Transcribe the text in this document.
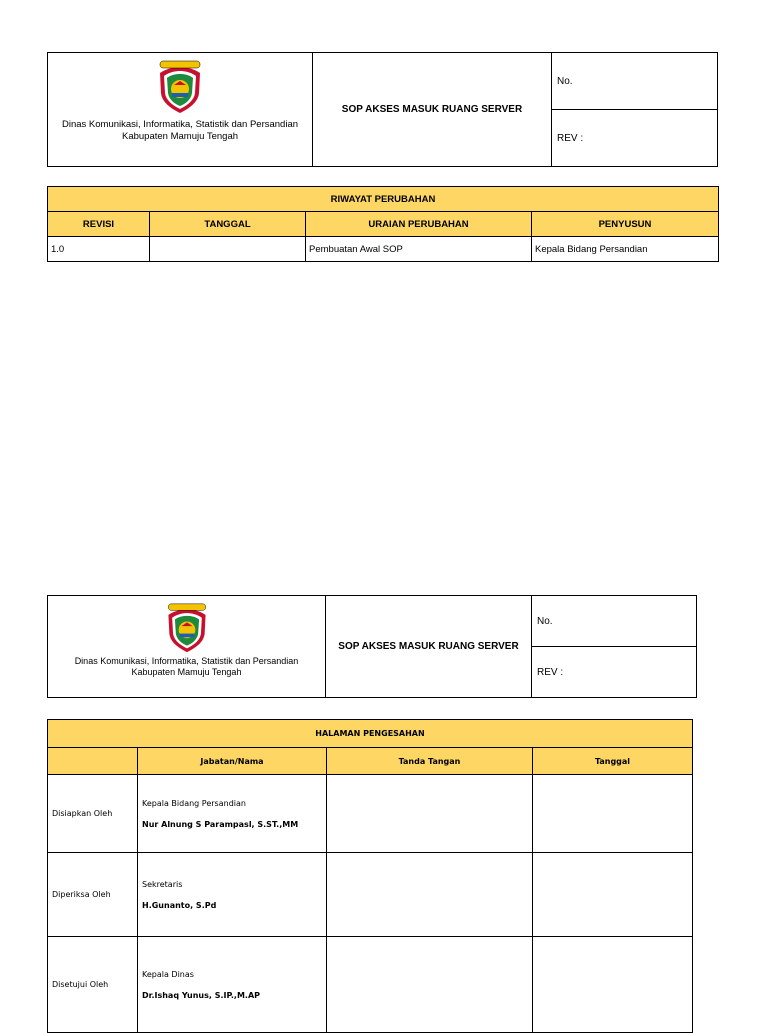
Dinas Komunikasi, Informatika, Statistik dan Persandian
Kabupaten Mamuju Tengah
	SOP AKSES MASUK RUANG SERVER	No.
REV :
RIWAYAT PERUBAHAN			
REVISI	TANGGAL	URAIAN PERUBAHAN	PENYUSUN
1.0		Pembuatan Awal SOP	Kepala Bidang Persandian
Dinas Komunikasi, Informatika, Statistik dan Persandian
Kabupaten Mamuju Tengah
	SOP AKSES MASUK RUANG SERVER	No.
REV :
HALAMAN PENGESAHAN			
	Jabatan/Nama	Tanda Tangan	Tanggal
Disiapkan Oleh	Kepala Bidang Persandian
Nur Alnung S Parampasl, S.ST.,MM		

Diperiksa Oleh	Sekretaris
H.Gunanto, S.Pd		

Disetujui Oleh	Kepala Dinas
Dr.Ishaq Yunus, S.IP.,M.AP		
